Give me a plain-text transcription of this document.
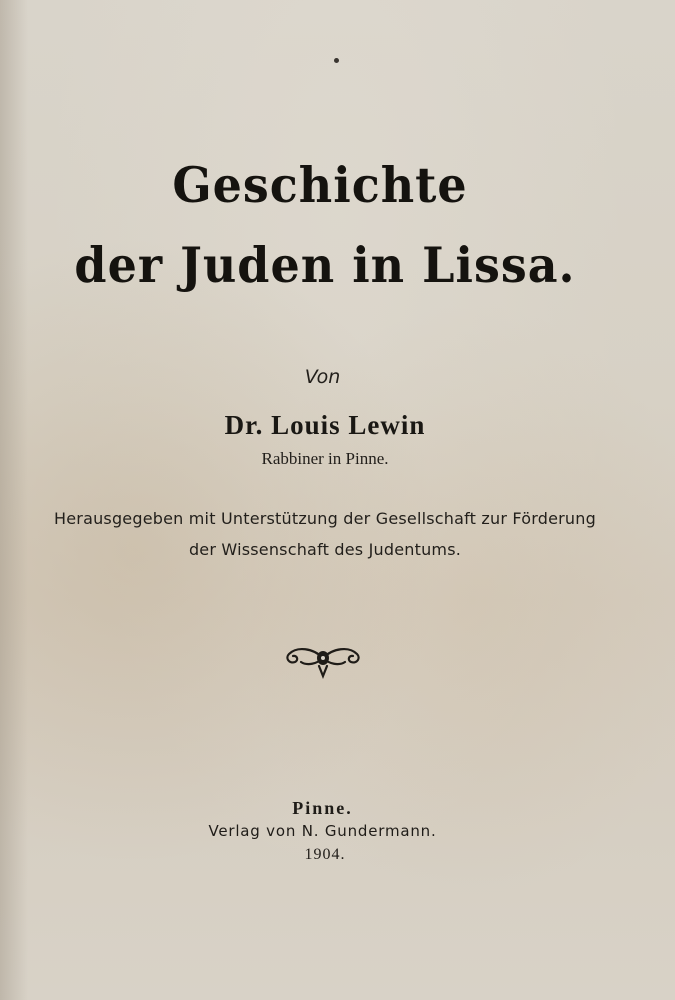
Geschichte
der Juden in Lissa.
Von
Dr. Louis Lewin
Rabbiner in Pinne.
Herausgegeben mit Unterstützung der Gesellschaft zur Förderung
der Wissenschaft des Judentums.
Pinne.
Verlag von N. Gundermann.
1904.
